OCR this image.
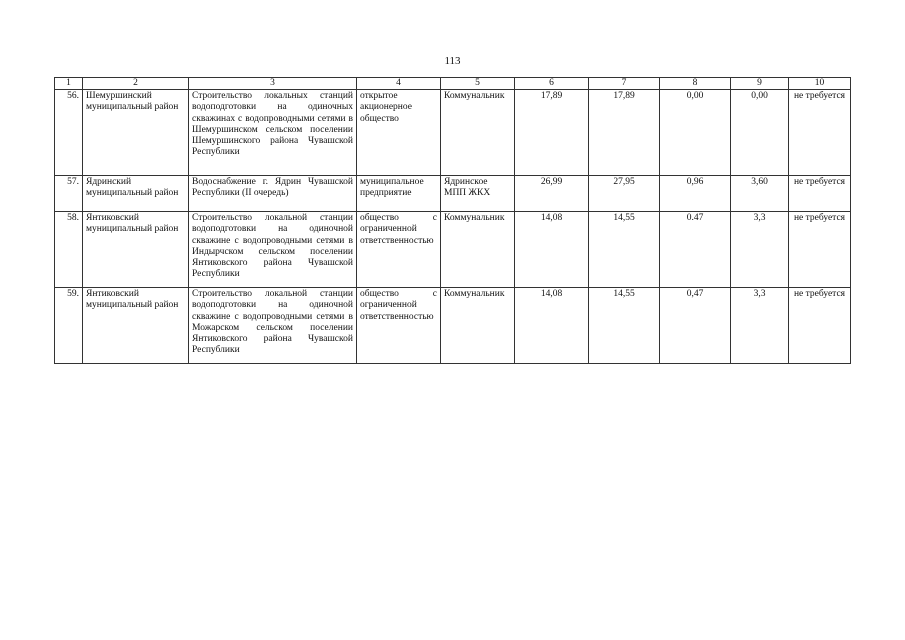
113
1	2	3	4	5	6	7	8	9	10
56.	Шемуршинский муниципальный район	Строительство локальных станций водоподготовки на одиночных скважинах с водопроводными сетями в Шемуршинском сельском поселении Шемуршинского района Чувашской Республики	открытое акционерное общество	Коммунальник	17,89	17,89	0,00	0,00	не требуется
57.	Ядринский муниципальный район	Водоснабжение г. Ядрин Чувашской Республики (II очередь)	муниципальное предприятие	Ядринское МПП ЖКХ	26,99	27,95	0,96	3,60	не требуется
58.	Янтиковский муниципальный район	Строительство локальной станции водоподготовки на одиночной скважине с водопроводными сетями в Индырчском сельском поселении Янтиковского района Чувашской Республики	общество с ограниченной ответственностью	Коммунальник	14,08	14,55	0.47	3,3	не требуется
59.	Янтиковский муниципальный район	Строительство локальной станции водоподготовки на одиночной скважине с водопроводными сетями в Можарском сельском поселении Янтиковского района Чувашской Республики	общество с ограниченной ответственностью	Коммунальник	14,08	14,55	0,47	3,3	не требуется
